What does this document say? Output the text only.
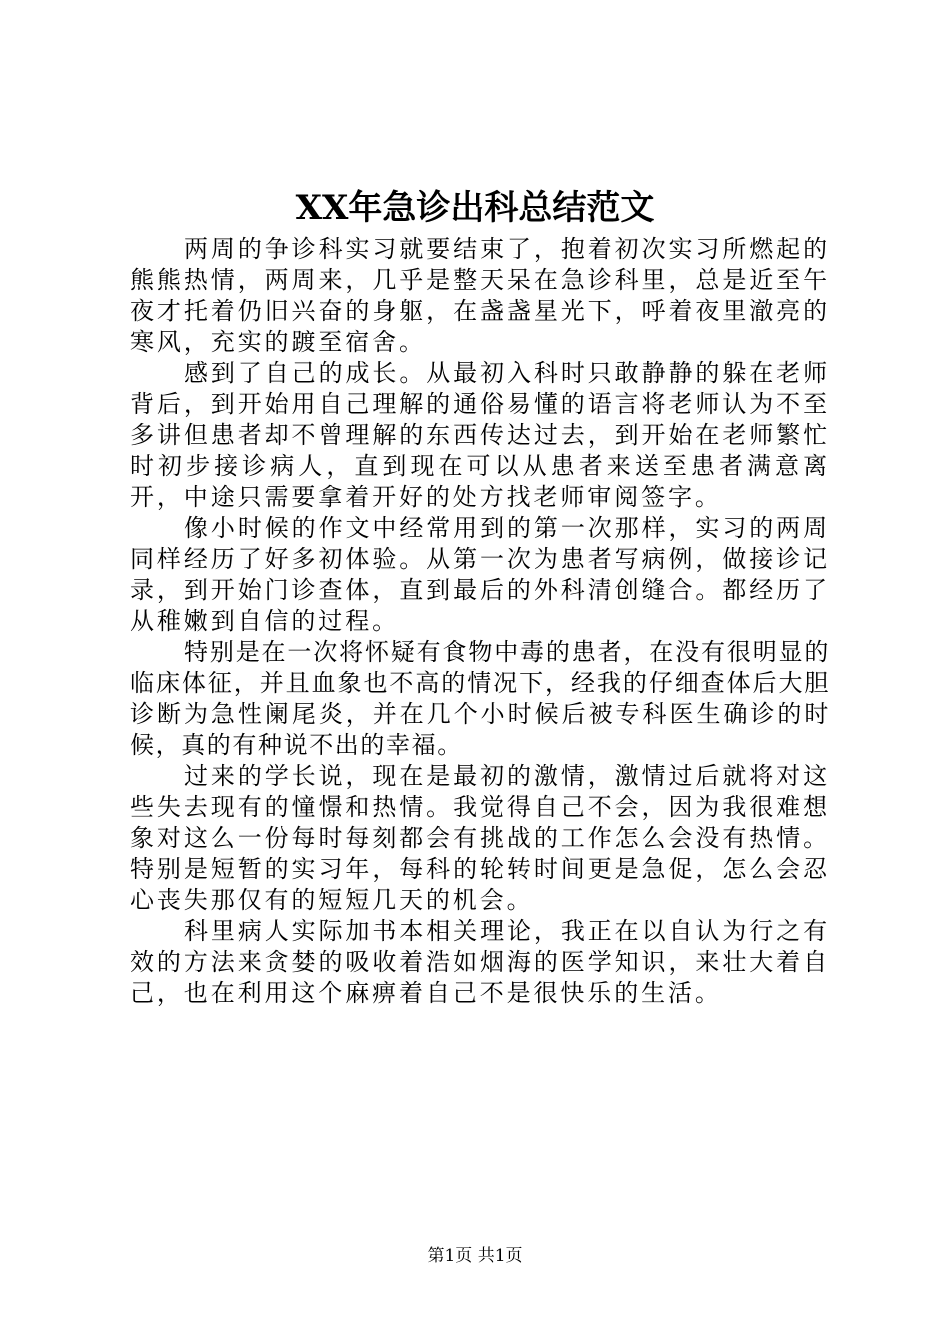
XX年急诊出科总结范文

两周的争诊科实习就要结束了，抱着初次实习所燃起的熊熊热情，两周来，几乎是整天呆在急诊科里，总是近至午夜才托着仍旧兴奋的身躯，在盏盏星光下，呼着夜里澈亮的寒风，充实的踱至宿舍。

感到了自己的成长。从最初入科时只敢静静的躲在老师背后，到开始用自己理解的通俗易懂的语言将老师认为不至多讲但患者却不曾理解的东西传达过去，到开始在老师繁忙时初步接诊病人，直到现在可以从患者来送至患者满意离开，中途只需要拿着开好的处方找老师审阅签字。

像小时候的作文中经常用到的第一次那样，实习的两周同样经历了好多初体验。从第一次为患者写病例，做接诊记录，到开始门诊查体，直到最后的外科清创缝合。都经历了从稚嫩到自信的过程。

特别是在一次将怀疑有食物中毒的患者，在没有很明显的临床体征，并且血象也不高的情况下，经我的仔细查体后大胆诊断为急性阑尾炎，并在几个小时候后被专科医生确诊的时候，真的有种说不出的幸福。

过来的学长说，现在是最初的激情，激情过后就将对这些失去现有的憧憬和热情。我觉得自己不会，因为我很难想象对这么一份每时每刻都会有挑战的工作怎么会没有热情。特别是短暂的实习年，每科的轮转时间更是急促，怎么会忍心丧失那仅有的短短几天的机会。

科里病人实际加书本相关理论，我正在以自认为行之有效的方法来贪婪的吸收着浩如烟海的医学知识，来壮大着自己，也在利用这个麻痹着自己不是很快乐的生活。

第1页 共1页
